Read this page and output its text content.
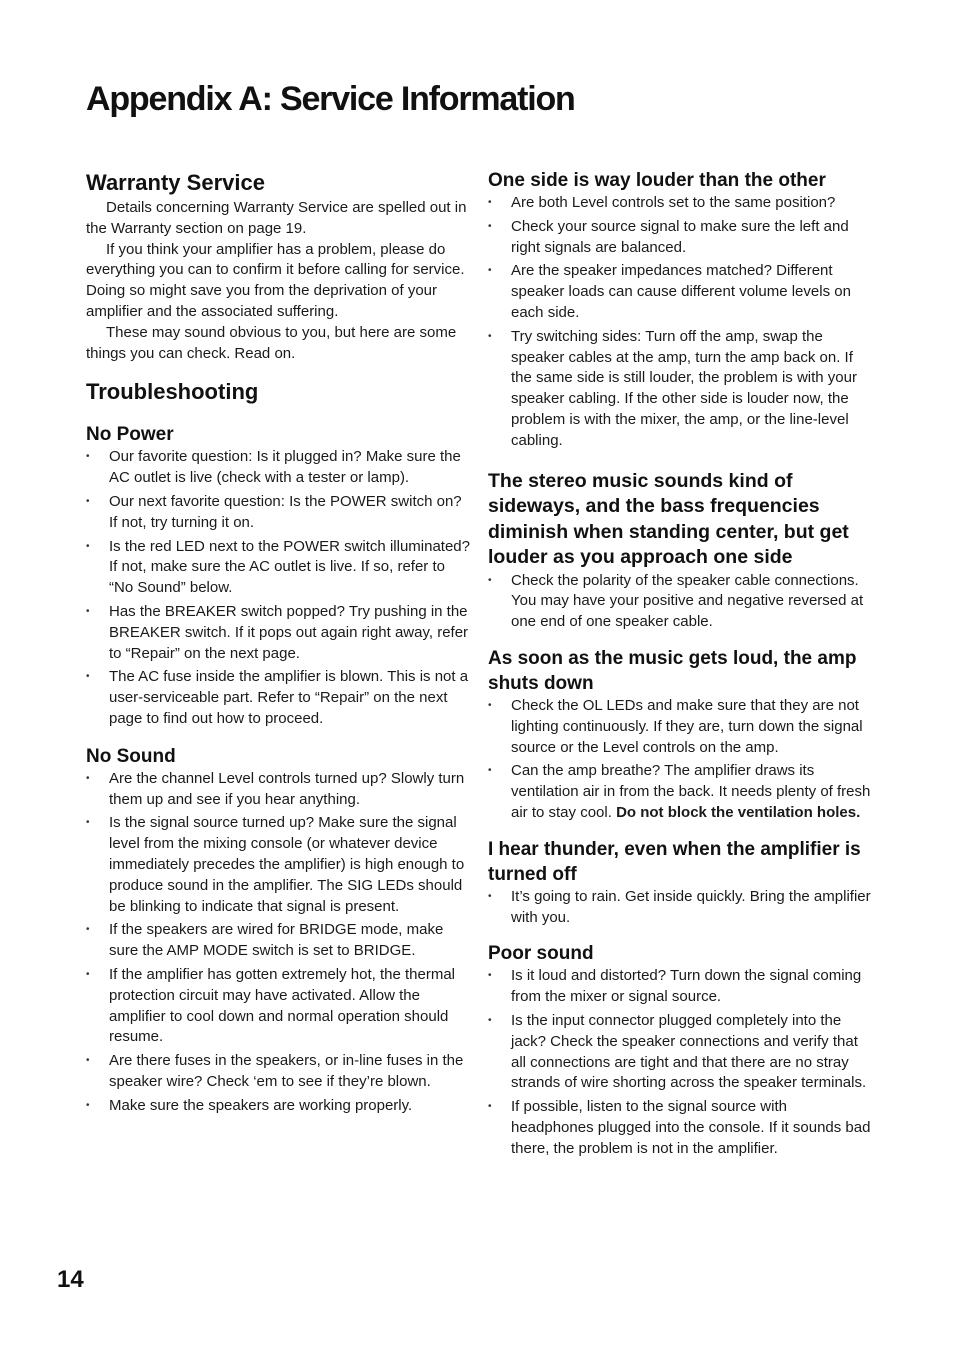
Appendix A: Service Information
Warranty Service

Details concerning Warranty Service are spelled out in the Warranty section on page 19.

If you think your amplifier has a problem, please do everything you can to confirm it before calling for service. Doing so might save you from the deprivation of your amplifier and the associated suffering.

These may sound obvious to you, but here are some things you can check. Read on.

Troubleshooting
No Power
• Our favorite question: Is it plugged in? Make sure the AC outlet is live (check with a tester or lamp).
• Our next favorite question: Is the POWER switch on? If not, try turning it on.
• Is the red LED next to the POWER switch illuminated? If not, make sure the AC outlet is live. If so, refer to “No Sound” below.
• Has the BREAKER switch popped? Try pushing in the BREAKER switch. If it pops out again right away, refer to “Repair” on the next page.
• The AC fuse inside the amplifier is blown. This is not a user-serviceable part. Refer to “Repair” on the next page to find out how to proceed.
No Sound
• Are the channel Level controls turned up? Slowly turn them up and see if you hear anything.
• Is the signal source turned up? Make sure the signal level from the mixing console (or whatever device immediately precedes the amplifier) is high enough to produce sound in the amplifier. The SIG LEDs should be blinking to indicate that signal is present.
• If the speakers are wired for BRIDGE mode, make sure the AMP MODE switch is set to BRIDGE.
• If the amplifier has gotten extremely hot, the thermal protection circuit may have activated. Allow the amplifier to cool down and normal operation should resume.
• Are there fuses in the speakers, or in-line fuses in the speaker wire? Check ‘em to see if they’re blown.
• Make sure the speakers are working properly.
One side is way louder than the other
• Are both Level controls set to the same position?
• Check your source signal to make sure the left and right signals are balanced.
• Are the speaker impedances matched? Different speaker loads can cause different volume levels on each side.
• Try switching sides: Turn off the amp, swap the speaker cables at the amp, turn the amp back on. If the same side is still louder, the problem is with your speaker cabling. If the other side is louder now, the problem is with the mixer, the amp, or the line-level cabling.
The stereo music sounds kind of sideways, and the bass frequencies diminish when standing center, but get louder as you approach one side
• Check the polarity of the speaker cable connections. You may have your positive and negative reversed at one end of one speaker cable.
As soon as the music gets loud, the amp shuts down
• Check the OL LEDs and make sure that they are not lighting continuously. If they are, turn down the signal source or the Level controls on the amp.
• Can the amp breathe? The amplifier draws its ventilation air in from the back. It needs plenty of fresh air to stay cool. Do not block the ventilation holes.
I hear thunder, even when the amplifier is turned off
• It’s going to rain. Get inside quickly. Bring the amplifier with you.
Poor sound
• Is it loud and distorted? Turn down the signal coming from the mixer or signal source.
• Is the input connector plugged completely into the jack? Check the speaker connections and verify that all connections are tight and that there are no stray strands of wire shorting across the speaker terminals.
• If possible, listen to the signal source with headphones plugged into the console. If it sounds bad there, the problem is not in the amplifier.
14
